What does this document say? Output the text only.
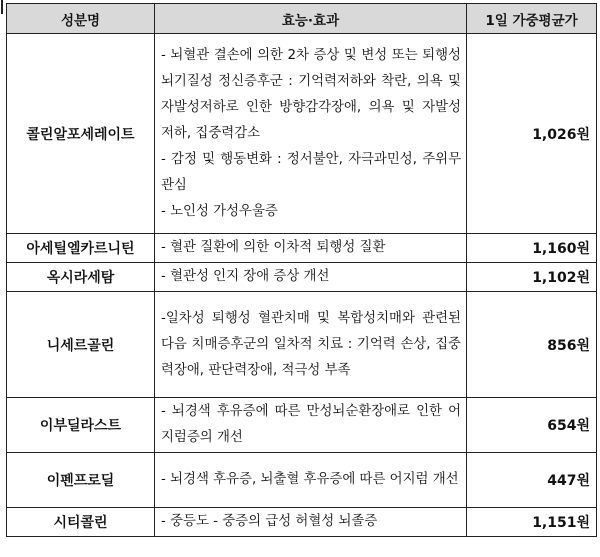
성분명	효능·효과	1일 가중평균가
콜린알포세레이트	- 뇌혈관 결손에 의한 2차 증상 및 변성 또는 퇴행성 뇌기질성 정신증후군 : 기억력저하와 착란, 의욕 및 자발성저하로 인한 방향감각장애, 의욕 및 자발성 저하, 집중력감소
- 감정 및 행동변화 : 정서불안, 자극과민성, 주위무관심
- 노인성 가성우울증	1,026원
아세틸엘카르니틴	- 혈관 질환에 의한 이차적 퇴행성 질환	1,160원
옥시라세탐	- 혈관성 인지 장애 증상 개선	1,102원
니세르골린	-일차성 퇴행성 혈관치매 및 복합성치매와 관련된 다음 치매증후군의 일차적 치료 : 기억력 손상, 집중력장애, 판단력장애, 적극성 부족	856원
이부딜라스트	- 뇌경색 후유증에 따른 만성뇌순환장애로 인한 어지럼증의 개선	654원
이펜프로딜	- 뇌경색 후유증, 뇌출혈 후유증에 따른 어지럼 개선	447원
시티콜린	- 중등도 - 중증의 급성 허혈성 뇌졸증	1,151원
